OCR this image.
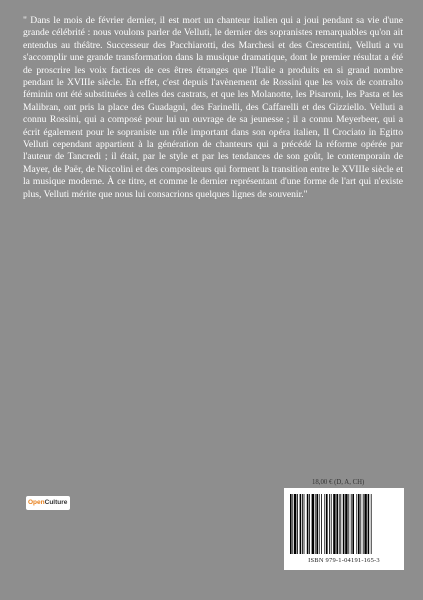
" Dans le mois de février dernier, il est mort un chanteur italien qui a joui pendant sa vie d'une grande célébrité : nous voulons parler de Velluti, le dernier des sopranistes remarquables qu'on ait entendus au théâtre. Successeur des Pacchiarotti, des Marchesi et des Crescentini, Velluti a vu s'accomplir une grande transformation dans la musique dramatique, dont le premier résultat a été de proscrire les voix factices de ces êtres étranges que l'Italie a produits en si grand nombre pendant le XVIIIe siècle. En effet, c'est depuis l'avènement de Rossini que les voix de contralto féminin ont été substituées à celles des castrats, et que les Molanotte, les Pisaroni, les Pasta et les Malibran, ont pris la place des Guadagni, des Farinelli, des Caffarelli et des Gizziello. Velluti a connu Rossini, qui a composé pour lui un ouvrage de sa jeunesse ; il a connu Meyerbeer, qui a écrit également pour le sopraniste un rôle important dans son opéra italien, Il Crociato in Egitto Velluti cependant appartient à la génération de chanteurs qui a précédé la réforme opérée par l'auteur de Tancredi ; il était, par le style et par les tendances de son goût, le contemporain de Mayer, de Paër, de Niccolini et des compositeurs qui forment la transition entre le XVIIIe siècle et la musique moderne. À ce titre, et comme le dernier représentant d'une forme de l'art qui n'existe plus, Velluti mérite que nous lui consacrions quelques lignes de souvenir."

OpenCulture
18,00 € (D, A, CH)
ISBN 979-1-04191-165-3
